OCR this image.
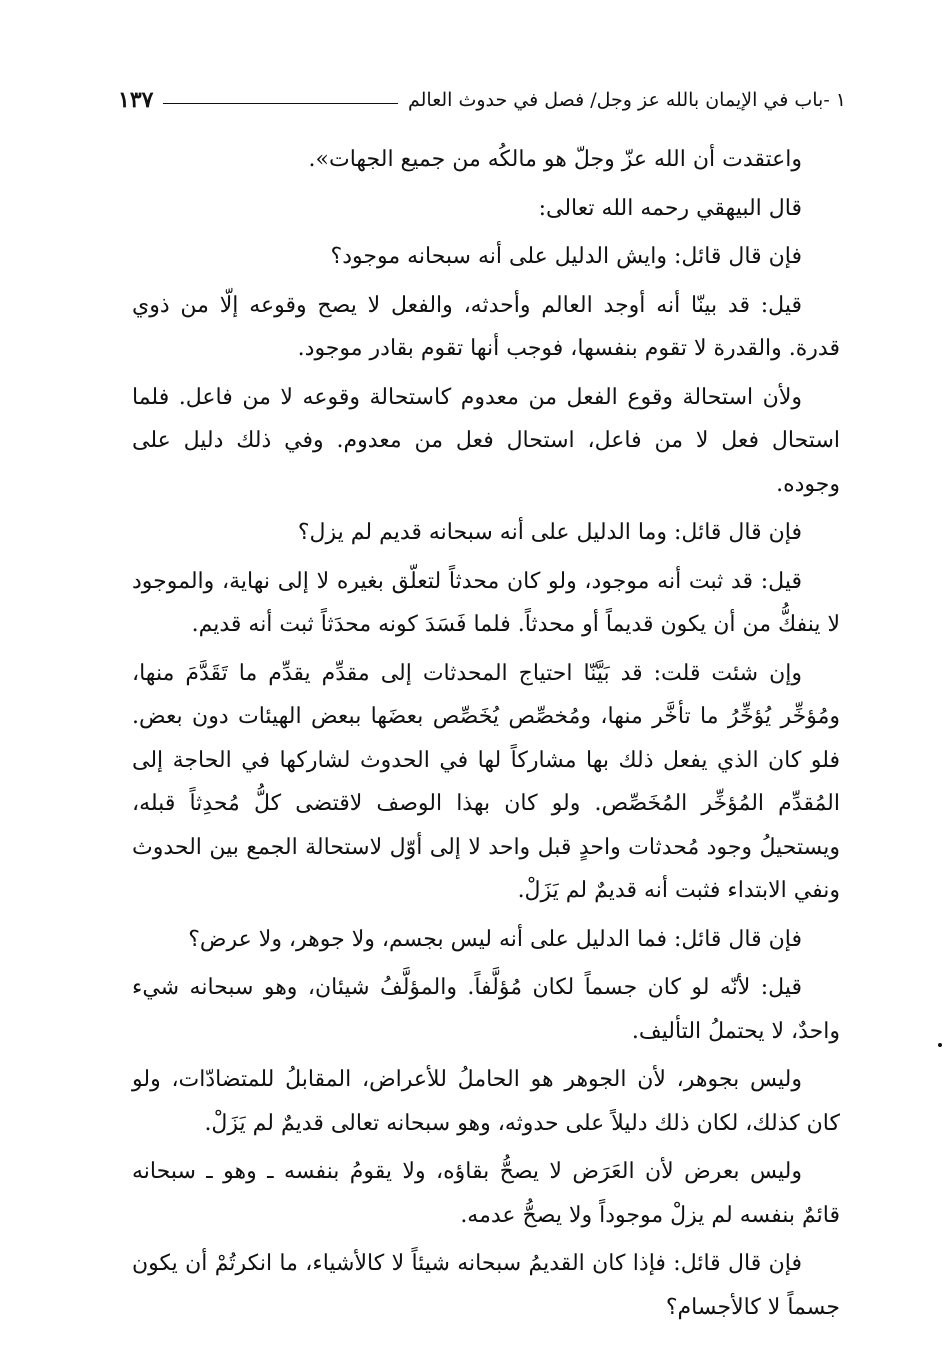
١ -باب في الإيمان بالله عز وجل/ فصل في حدوث العالم
١٣٧

واعتقدت أن الله عزّ وجلّ هو مالكُه من جميع الجهات».

قال البيهقي رحمه الله تعالى:

فإن قال قائل: وايش الدليل على أنه سبحانه موجود؟

قيل: قد بينّا أنه أوجد العالم وأحدثه، والفعل لا يصح وقوعه إلّا من ذوي قدرة. والقدرة لا تقوم بنفسها، فوجب أنها تقوم بقادر موجود.

ولأن استحالة وقوع الفعل من معدوم كاستحالة وقوعه لا من فاعل. فلما استحال فعل لا من فاعل، استحال فعل من معدوم. وفي ذلك دليل على وجوده.

فإن قال قائل: وما الدليل على أنه سبحانه قديم لم يزل؟

قيل: قد ثبت أنه موجود، ولو كان محدثاً لتعلّق بغيره لا إلى نهاية، والموجود لا ينفكُّ من أن يكون قديماً أو محدثاً. فلما فَسَدَ كونه محدَثاً ثبت أنه قديم.

وإن شئت قلت: قد بَيَّنّا احتياج المحدثات إلى مقدِّم يقدِّم ما تَقَدَّمَ منها، ومُؤخِّر يُؤخِّرُ ما تأخَّر منها، ومُخصِّص يُخَصِّص بعضَها ببعض الهيئات دون بعض. فلو كان الذي يفعل ذلك بها مشاركاً لها في الحدوث لشاركها في الحاجة إلى المُقدِّم المُؤخِّر المُخَصِّص. ولو كان بهذا الوصف لاقتضى كلُّ مُحدِثاً قبله، ويستحيلُ وجود مُحدثات واحدٍ قبل واحد لا إلى أوّل لاستحالة الجمع بين الحدوث ونفي الابتداء فثبت أنه قديمٌ لم يَزَلْ.

فإن قال قائل: فما الدليل على أنه ليس بجسم، ولا جوهر، ولا عرض؟

قيل: لأنّه لو كان جسماً لكان مُؤلَّفاً. والمؤلَّفُ شيئان، وهو سبحانه شيء واحدٌ، لا يحتملُ التأليف.

وليس بجوهر، لأن الجوهر هو الحاملُ للأعراض، المقابلُ للمتضادّات، ولو كان كذلك، لكان ذلك دليلاً على حدوثه، وهو سبحانه تعالى قديمٌ لم يَزَلْ.

وليس بعرض لأن العَرَض لا يصحُّ بقاؤه، ولا يقومُ بنفسه ـ وهو ـ سبحانه قائمٌ بنفسه لم يزلْ موجوداً ولا يصحُّ عدمه.

فإن قال قائل: فإذا كان القديمُ سبحانه شيئاً لا كالأشياء، ما انكرتُمْ أن يكون جسماً لا كالأجسام؟
